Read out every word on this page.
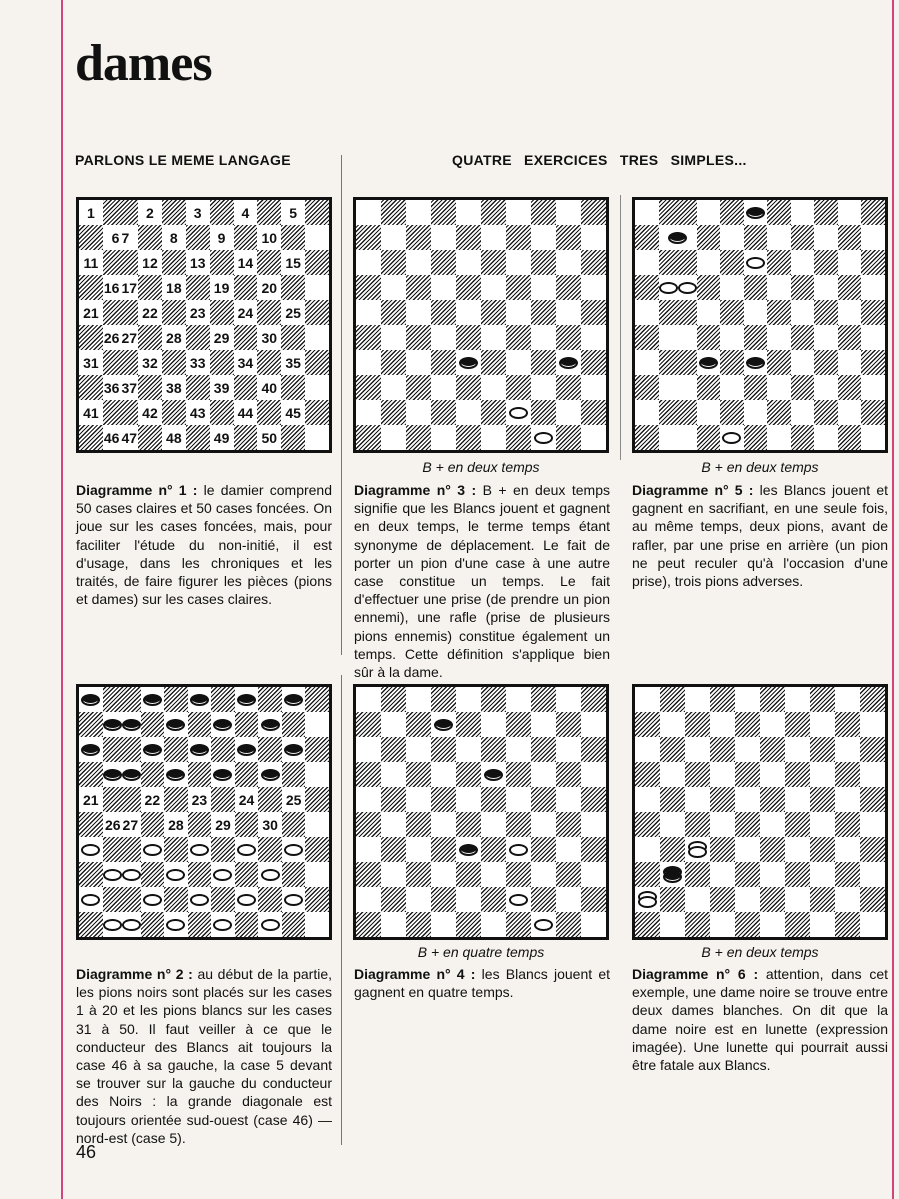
dames
PARLONS LE MEME LANGAGE	QUATRE EXERCICES TRES SIMPLES...
1	2	3	4	5
6 7	8	9	10
11	12 13 14 15
16 17 18 19 20
21	22 23 24 25
26 27 28 29 30
31	32 33 34 35
36 37 38 39 40
41	42 43 44 45
46 47 48 49 50
21	22 23 24 25
26 27 28 29 30
B + en deux temps	B + en deux temps
B + en quatre temps	B + en deux temps

Diagramme n° 1 : le damier comprend 50 cases claires et 50 cases foncées. On joue sur les cases foncées, mais, pour faciliter l'étude du non-initié, il est d'usage, dans les chroniques et les traités, de faire figurer les pièces (pions et dames) sur les cases claires.

Diagramme n° 3 : B + en deux temps signifie que les Blancs jouent et gagnent en deux temps, le terme temps étant synonyme de déplacement. Le fait de porter un pion d'une case à une autre case constitue un temps. Le fait d'effectuer une prise (de prendre un pion ennemi), une rafle (prise de plusieurs pions ennemis) constitue également un temps. Cette définition s'applique bien sûr à la dame.

Diagramme n° 5 : les Blancs jouent et gagnent en sacrifiant, en une seule fois, au même temps, deux pions, avant de rafler, par une prise en arrière (un pion ne peut reculer qu'à l'occasion d'une prise), trois pions adverses.

Diagramme n° 2 : au début de la partie, les pions noirs sont placés sur les cases 1 à 20 et les pions blancs sur les cases 31 à 50. Il faut veiller à ce que le conducteur des Blancs ait toujours la case 46 à sa gauche, la case 5 devant se trouver sur la gauche du conducteur des Noirs : la grande diagonale est toujours orientée sud-ouest (case 46) — nord-est (case 5).

Diagramme n° 4 : les Blancs jouent et gagnent en quatre temps.

Diagramme n° 6 : attention, dans cet exemple, une dame noire se trouve entre deux dames blanches. On dit que la dame noire est en lunette (expression imagée). Une lunette qui pourrait aussi être fatale aux Blancs.

46
